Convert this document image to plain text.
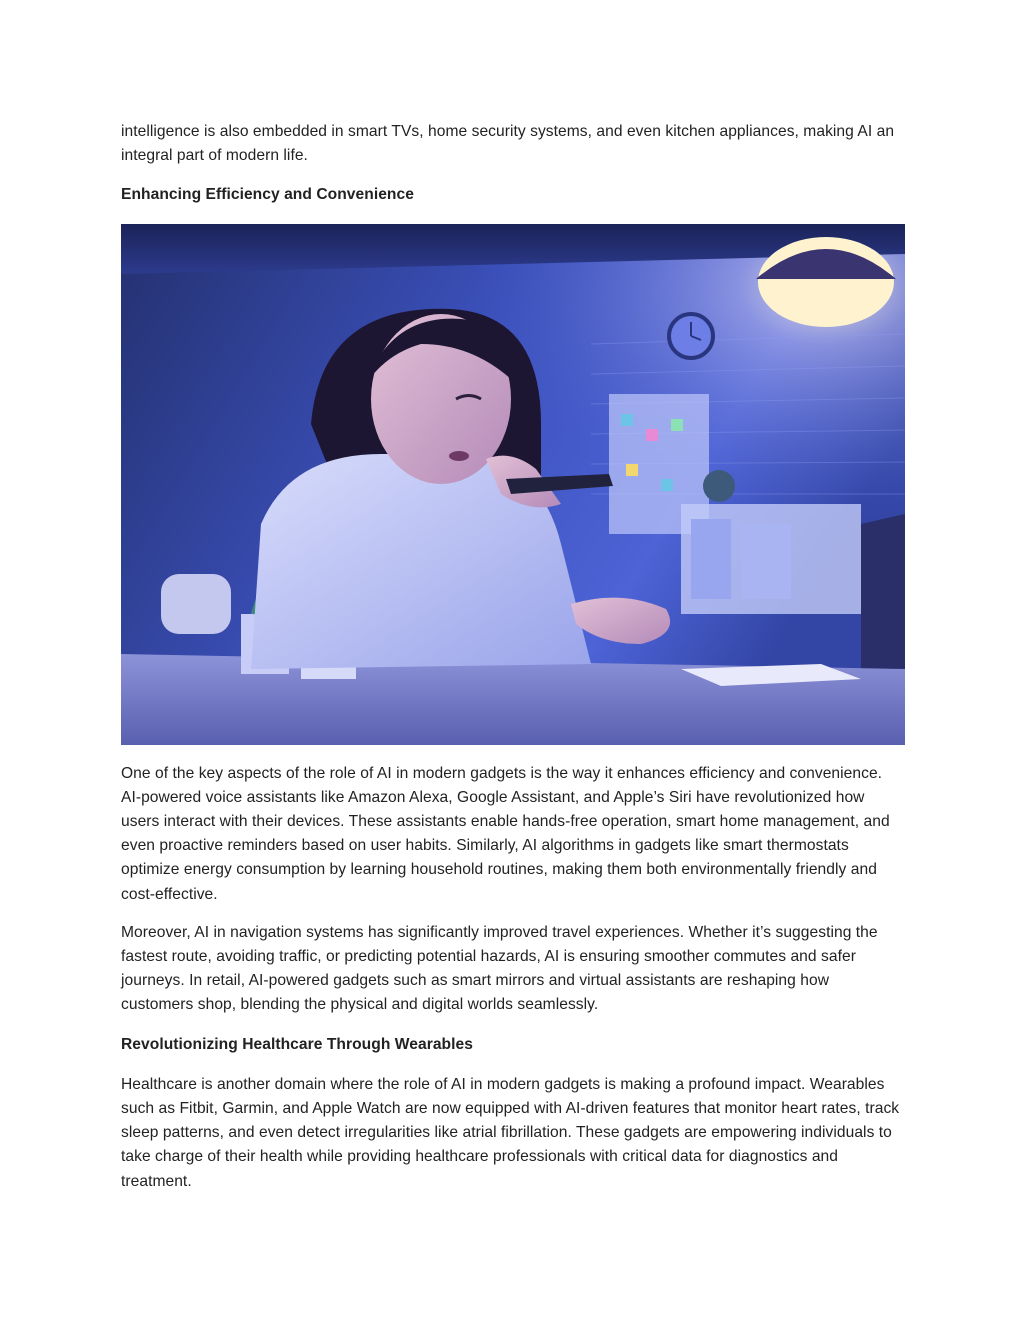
intelligence is also embedded in smart TVs, home security systems, and even kitchen appliances, making AI an integral part of modern life.

Enhancing Efficiency and Convenience

One of the key aspects of the role of AI in modern gadgets is the way it enhances efficiency and convenience. AI-powered voice assistants like Amazon Alexa, Google Assistant, and Apple’s Siri have revolutionized how users interact with their devices. These assistants enable hands-free operation, smart home management, and even proactive reminders based on user habits. Similarly, AI algorithms in gadgets like smart thermostats optimize energy consumption by learning household routines, making them both environmentally friendly and cost-effective.

Moreover, AI in navigation systems has significantly improved travel experiences. Whether it’s suggesting the fastest route, avoiding traffic, or predicting potential hazards, AI is ensuring smoother commutes and safer journeys. In retail, AI-powered gadgets such as smart mirrors and virtual assistants are reshaping how customers shop, blending the physical and digital worlds seamlessly.

Revolutionizing Healthcare Through Wearables

Healthcare is another domain where the role of AI in modern gadgets is making a profound impact. Wearables such as Fitbit, Garmin, and Apple Watch are now equipped with AI-driven features that monitor heart rates, track sleep patterns, and even detect irregularities like atrial fibrillation. These gadgets are empowering individuals to take charge of their health while providing healthcare professionals with critical data for diagnostics and treatment.
